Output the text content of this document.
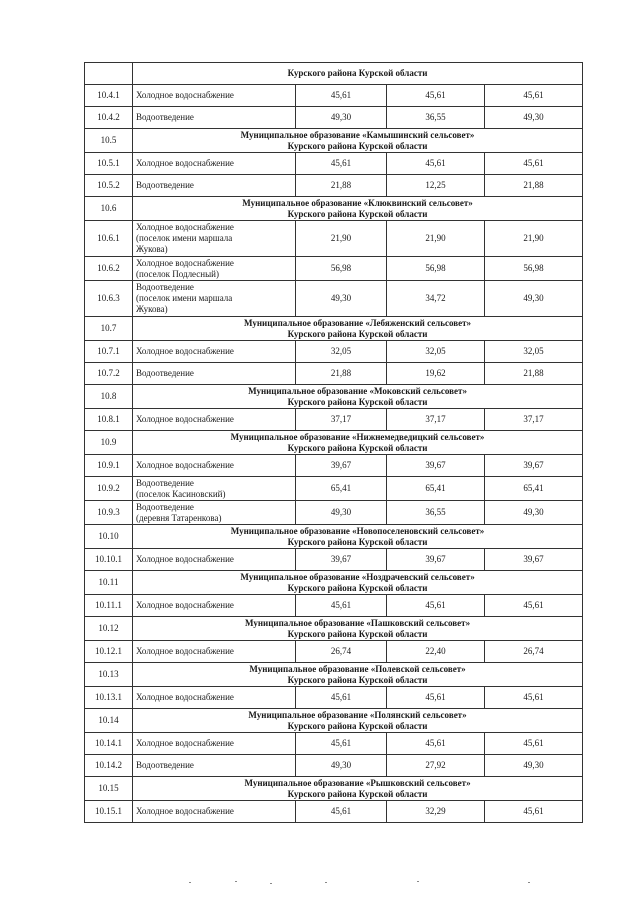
	Курского района Курской области			
10.4.1	Холодное водоснабжение	45,61	45,61	45,61
10.4.2	Водоотведение	49,30	36,55	49,30
10.5	Муниципальное образование «Камышинский сельсовет»
Курского района Курской области			

10.5.1	Холодное водоснабжение	45,61	45,61	45,61
10.5.2	Водоотведение	21,88	12,25	21,88
10.6	Муниципальное образование «Клюквинский сельсовет»
Курского района Курской области			

10.6.1	Холодное водоснабжение
(поселок имени маршала
Жукова)	21,90	21,90	21,90
10.6.2	Холодное водоснабжение
(поселок Подлесный)	56,98	56,98	56,98
10.6.3	Водоотведение
(поселок имени маршала
Жукова)	49,30	34,72	49,30
10.7	Муниципальное образование «Лебяженский сельсовет»
Курского района Курской области			

10.7.1	Холодное водоснабжение	32,05	32,05	32,05
10.7.2	Водоотведение	21,88	19,62	21,88
10.8	Муниципальное образование «Моковский сельсовет»
Курского района Курской области			

10.8.1	Холодное водоснабжение	37,17	37,17	37,17
10.9	Муниципальное образование «Нижнемедведицкий сельсовет»
Курского района Курской области			

10.9.1	Холодное водоснабжение	39,67	39,67	39,67
10.9.2	Водоотведение
(поселок Касиновский)	65,41	65,41	65,41
10.9.3	Водоотведение
(деревня Татаренкова)	49,30	36,55	49,30
10.10	Муниципальное образование «Новопоселеновский сельсовет»
Курского района Курской области			

10.10.1	Холодное водоснабжение	39,67	39,67	39,67
10.11	Муниципальное образование «Ноздрачевский сельсовет»
Курского района Курской области			

10.11.1	Холодное водоснабжение	45,61	45,61	45,61
10.12	Муниципальное образование «Пашковский сельсовет»
Курского района Курской области			

10.12.1	Холодное водоснабжение	26,74	22,40	26,74
10.13	Муниципальное образование «Полевской сельсовет»
Курского района Курской области			

10.13.1	Холодное водоснабжение	45,61	45,61	45,61
10.14	Муниципальное образование «Полянский сельсовет»
Курского района Курской области			

10.14.1	Холодное водоснабжение	45,61	45,61	45,61
10.14.2	Водоотведение	49,30	27,92	49,30
10.15	Муниципальное образование «Рышковский сельсовет»
Курского района Курской области			

10.15.1	Холодное водоснабжение	45,61	32,29	45,61
